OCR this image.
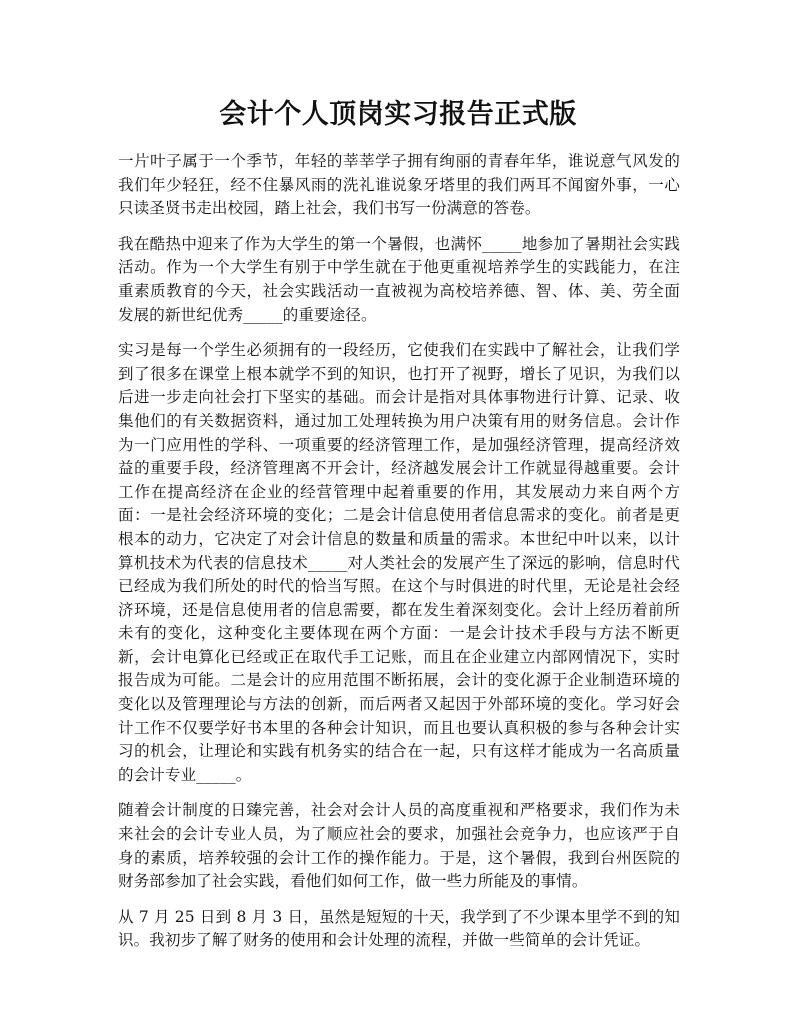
会计个人顶岗实习报告正式版

一片叶子属于一个季节，年轻的莘莘学子拥有绚丽的青春年华，谁说意气风发的我们年少轻狂，经不住暴风雨的洗礼谁说象牙塔里的我们两耳不闻窗外事，一心只读圣贤书走出校园，踏上社会，我们书写一份满意的答卷。

我在酷热中迎来了作为大学生的第一个暑假，也满怀_____地参加了暑期社会实践活动。作为一个大学生有别于中学生就在于他更重视培养学生的实践能力，在注重素质教育的今天，社会实践活动一直被视为高校培养德、智、体、美、劳全面发展的新世纪优秀_____的重要途径。

实习是每一个学生必须拥有的一段经历，它使我们在实践中了解社会，让我们学到了很多在课堂上根本就学不到的知识，也打开了视野，增长了见识，为我们以后进一步走向社会打下坚实的基础。而会计是指对具体事物进行计算、记录、收集他们的有关数据资料，通过加工处理转换为用户决策有用的财务信息。会计作为一门应用性的学科、一项重要的经济管理工作，是加强经济管理，提高经济效益的重要手段，经济管理离不开会计，经济越发展会计工作就显得越重要。会计工作在提高经济在企业的经营管理中起着重要的作用，其发展动力来自两个方面：一是社会经济环境的变化；二是会计信息使用者信息需求的变化。前者是更根本的动力，它决定了对会计信息的数量和质量的需求。本世纪中叶以来，以计算机技术为代表的信息技术_____对人类社会的发展产生了深远的影响，信息时代已经成为我们所处的时代的恰当写照。在这个与时俱进的时代里，无论是社会经济环境，还是信息使用者的信息需要，都在发生着深刻变化。会计上经历着前所未有的变化，这种变化主要体现在两个方面：一是会计技术手段与方法不断更新，会计电算化已经或正在取代手工记账，而且在企业建立内部网情况下，实时报告成为可能。二是会计的应用范围不断拓展，会计的变化源于企业制造环境的变化以及管理理论与方法的创新，而后两者又起因于外部环境的变化。学习好会计工作不仅要学好书本里的各种会计知识，而且也要认真积极的参与各种会计实习的机会，让理论和实践有机务实的结合在一起，只有这样才能成为一名高质量的会计专业_____。

随着会计制度的日臻完善，社会对会计人员的高度重视和严格要求，我们作为未来社会的会计专业人员，为了顺应社会的要求，加强社会竞争力，也应该严于自身的素质，培养较强的会计工作的操作能力。于是，这个暑假，我到台州医院的财务部参加了社会实践，看他们如何工作，做一些力所能及的事情。

从 7 月 25 日到 8 月 3 日，虽然是短短的十天，我学到了不少课本里学不到的知识。我初步了解了财务的使用和会计处理的流程，并做一些简单的会计凭证。
